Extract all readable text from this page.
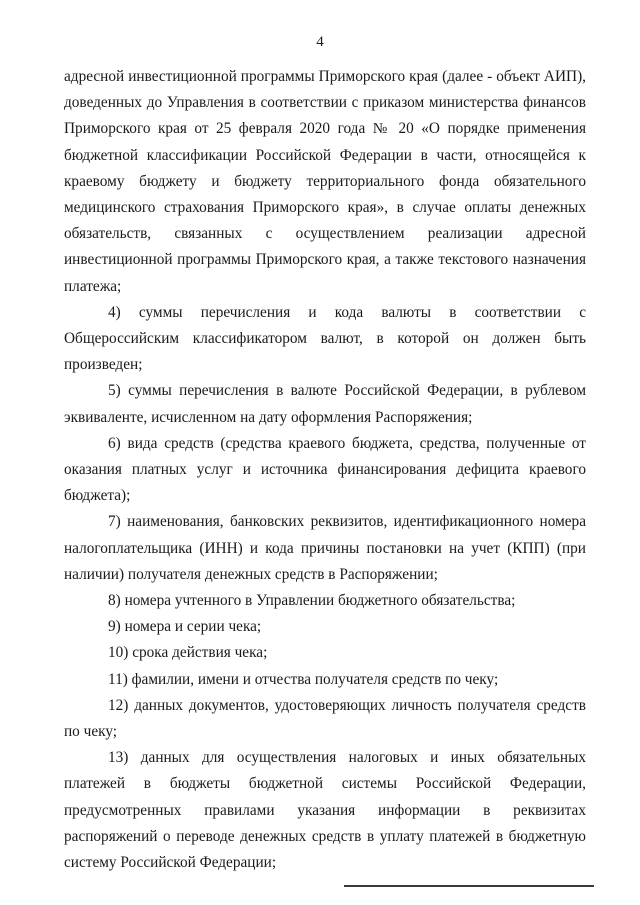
4

адресной инвестиционной программы Приморского края (далее - объект АИП), доведенных до Управления в соответствии с приказом министерства финансов Приморского края от 25 февраля 2020 года № 20 «О порядке применения бюджетной классификации Российской Федерации в части, относящейся к краевому бюджету и бюджету территориального фонда обязательного медицинского страхования Приморского края», в случае оплаты денежных обязательств, связанных с осуществлением реализации адресной инвестиционной программы Приморского края, а также текстового назначения платежа;

4) суммы перечисления и кода валюты в соответствии с Общероссийским классификатором валют, в которой он должен быть произведен;

5) суммы перечисления в валюте Российской Федерации, в рублевом эквиваленте, исчисленном на дату оформления Распоряжения;

6) вида средств (средства краевого бюджета, средства, полученные от оказания платных услуг и источника финансирования дефицита краевого бюджета);

7) наименования, банковских реквизитов, идентификационного номера налогоплательщика (ИНН) и кода причины постановки на учет (КПП) (при наличии) получателя денежных средств в Распоряжении;

8) номера учтенного в Управлении бюджетного обязательства;

9) номера и серии чека;

10) срока действия чека;

11) фамилии, имени и отчества получателя средств по чеку;

12) данных документов, удостоверяющих личность получателя средств по чеку;

13) данных для осуществления налоговых и иных обязательных платежей в бюджеты бюджетной системы Российской Федерации, предусмотренных правилами указания информации в реквизитах распоряжений о переводе денежных средств в уплату платежей в бюджетную систему Российской Федерации;
